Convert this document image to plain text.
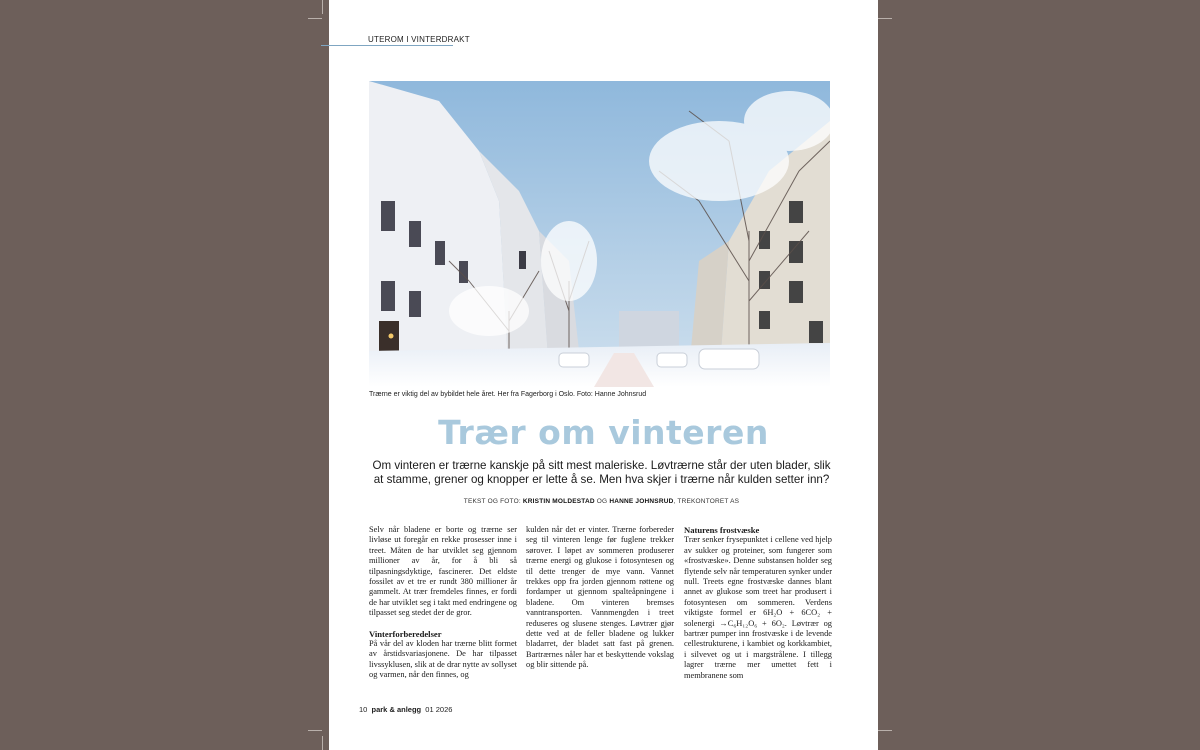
UTEROM I VINTERDRAKT
Trærne er viktig del av bybildet hele året. Her fra Fagerborg i Oslo. Foto: Hanne Johnsrud
Trær om vinteren
Om vinteren er trærne kanskje på sitt mest maleriske. Løvtrærne står der uten blader, slik at stamme, grener og knopper er lette å se. Men hva skjer i trærne når kulden setter inn?
TEKST OG FOTO: KRISTIN MOLDESTAD OG HANNE JOHNSRUD, TREKONTORET AS

Selv når bladene er borte og trærne ser livløse ut foregår en rekke prosesser inne i treet. Måten de har utviklet seg gjennom millioner av år, for å bli så tilpasningsdyktige, fascinerer. Det eldste fossilet av et tre er rundt 380 millioner år gammelt. At trær fremdeles finnes, er fordi de har utviklet seg i takt med endringene og tilpasset seg stedet der de gror.

Vinterforberedelser

På vår del av kloden har trærne blitt formet av årstidsvariasjonene. De har tilpasset livssyklusen, slik at de drar nytte av sollyset og varmen, når den finnes, og

kulden når det er vinter. Trærne forbereder seg til vinteren lenge før fuglene trekker sørover. I løpet av sommeren produserer trærne energi og glukose i fotosyntesen og til dette trenger de mye vann. Vannet trekkes opp fra jorden gjennom røttene og fordamper ut gjennom spalteåpningene i bladene. Om vinteren bremses vanntransporten. Vannmengden i treet reduseres og slusene stenges. Løvtrær gjør dette ved at de feller bladene og lukker bladarret, der bladet satt fast på grenen. Bartrærnes nåler har et beskyttende vokslag og blir sittende på.

Naturens frostvæske

Trær senker frysepunktet i cellene ved hjelp av sukker og proteiner, som fungerer som «frostvæske». Denne substansen holder seg flytende selv når temperaturen synker under null. Treets egne frostvæske dannes blant annet av glukose som treet har produsert i fotosyntesen om sommeren. Verdens viktigste formel er 6H₂O + 6CO₂ + solenergi →C₆H₁₂O₆ + 6O₂. Løvtrær og bartrær pumper inn frostvæske i de levende cellestrukturene, i kambiet og korkkambiet, i silvevet og ut i margstrålene. I tillegg lagrer trærne mer umettet fett i membranene som

10 park & anlegg 01 2026
